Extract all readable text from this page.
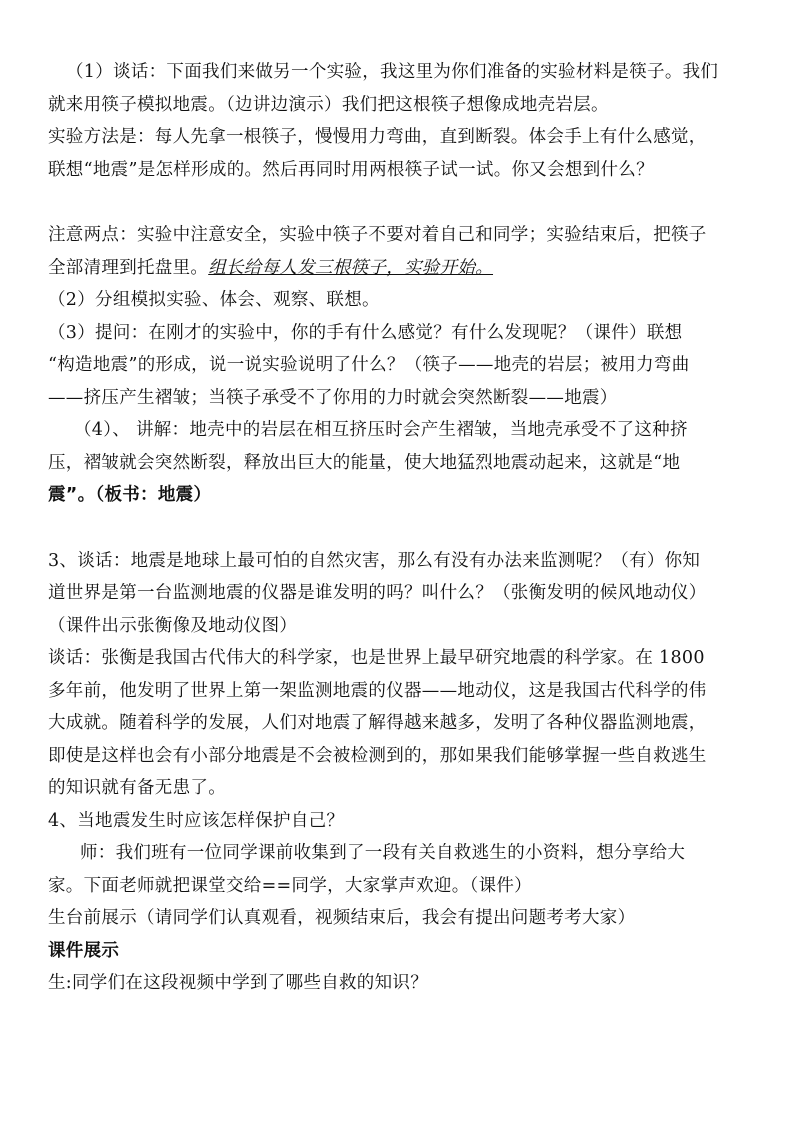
（1）谈话：下面我们来做另一个实验，我这里为你们准备的实验材料是筷子。我们

就来用筷子模拟地震。（边讲边演示）我们把这根筷子想像成地壳岩层。

实验方法是：每人先拿一根筷子，慢慢用力弯曲，直到断裂。体会手上有什么感觉，

联想“地震”是怎样形成的。然后再同时用两根筷子试一试。你又会想到什么？

注意两点：实验中注意安全，实验中筷子不要对着自己和同学；实验结束后，把筷子

全部清理到托盘里。组长给每人发三根筷子，实验开始。

（2）分组模拟实验、体会、观察、联想。

（3）提问：在刚才的实验中，你的手有什么感觉？有什么发现呢？（课件）联想

“构造地震”的形成，说一说实验说明了什么？（筷子——地壳的岩层；被用力弯曲

——挤压产生褶皱；当筷子承受不了你用的力时就会突然断裂——地震）

（4）、 讲解：地壳中的岩层在相互挤压时会产生褶皱，当地壳承受不了这种挤

压，褶皱就会突然断裂，释放出巨大的能量，使大地猛烈地震动起来，这就是“地

震”。（板书：地震）

3、谈话：地震是地球上最可怕的自然灾害，那么有没有办法来监测呢？（有）你知

道世界是第一台监测地震的仪器是谁发明的吗？叫什么？（张衡发明的候风地动仪）

（课件出示张衡像及地动仪图）

谈话：张衡是我国古代伟大的科学家，也是世界上最早研究地震的科学家。在 1800

多年前，他发明了世界上第一架监测地震的仪器——地动仪，这是我国古代科学的伟

大成就。随着科学的发展，人们对地震了解得越来越多，发明了各种仪器监测地震，

即使是这样也会有小部分地震是不会被检测到的，那如果我们能够掌握一些自救逃生

的知识就有备无患了。

4、当地震发生时应该怎样保护自己？

师：我们班有一位同学课前收集到了一段有关自救逃生的小资料，想分享给大

家。下面老师就把课堂交给==同学，大家掌声欢迎。（课件）

生台前展示（请同学们认真观看，视频结束后，我会有提出问题考考大家）

课件展示

生:同学们在这段视频中学到了哪些自救的知识？
